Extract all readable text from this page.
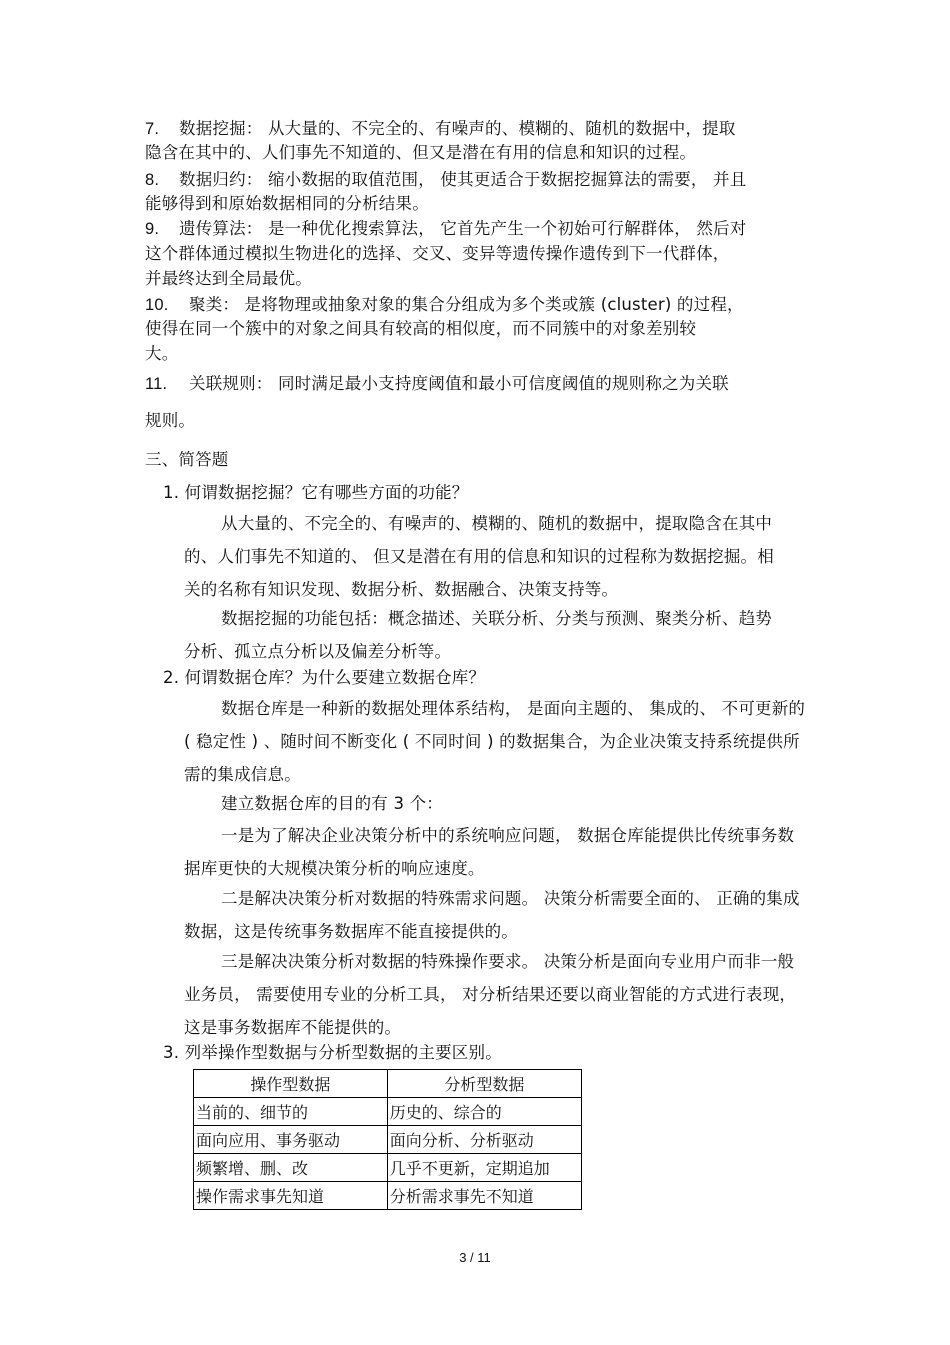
7. 数据挖掘： 从大量的、不完全的、有噪声的、模糊的、随机的数据中，提取
隐含在其中的、人们事先不知道的、但又是潜在有用的信息和知识的过程。
8. 数据归约： 缩小数据的取值范围， 使其更适合于数据挖掘算法的需要， 并且
能够得到和原始数据相同的分析结果。
9. 遗传算法： 是一种优化搜索算法， 它首先产生一个初始可行解群体， 然后对
这个群体通过模拟生物进化的选择、交叉、变异等遗传操作遗传到下一代群体，
并最终达到全局最优。
10. 聚类： 是将物理或抽象对象的集合分组成为多个类或簇 (cluster) 的过程，
使得在同一个簇中的对象之间具有较高的相似度，而不同簇中的对象差别较
大。
11. 关联规则： 同时满足最小支持度阈值和最小可信度阈值的规则称之为关联
规则。
三、简答题
1. 何谓数据挖掘？它有哪些方面的功能？
从大量的、不完全的、有噪声的、模糊的、随机的数据中，提取隐含在其中的、人们事先不知道的、 但又是潜在有用的信息和知识的过程称为数据挖掘。相关的名称有知识发现、数据分析、数据融合、决策支持等。
数据挖掘的功能包括：概念描述、关联分析、分类与预测、聚类分析、趋势分析、孤立点分析以及偏差分析等。
2. 何谓数据仓库？为什么要建立数据仓库？
数据仓库是一种新的数据处理体系结构， 是面向主题的、 集成的、 不可更新的 ( 稳定性 ) 、随时间不断变化 ( 不同时间 ) 的数据集合，为企业决策支持系统提供所需的集成信息。
建立数据仓库的目的有 3 个：
一是为了解决企业决策分析中的系统响应问题， 数据仓库能提供比传统事务数据库更快的大规模决策分析的响应速度。
二是解决决策分析对数据的特殊需求问题。 决策分析需要全面的、 正确的集成数据，这是传统事务数据库不能直接提供的。
三是解决决策分析对数据的特殊操作要求。 决策分析是面向专业用户而非一般业务员， 需要使用专业的分析工具， 对分析结果还要以商业智能的方式进行表现，这是事务数据库不能提供的。
3. 列举操作型数据与分析型数据的主要区别。
操作型数据	分析型数据
当前的、细节的	历史的、综合的
面向应用、事务驱动	面向分析、分析驱动
频繁增、删、改	几乎不更新，定期追加
操作需求事先知道	分析需求事先不知道
3 / 11
